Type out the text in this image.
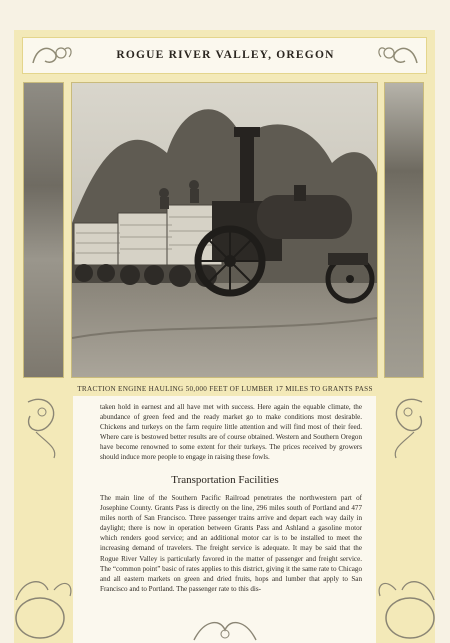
ROGUE RIVER VALLEY, OREGON
TRACTION ENGINE HAULING 50,000 FEET OF LUMBER 17 MILES TO GRANTS PASS
taken hold in earnest and all have met with success. Here again the equable climate, the abundance of green feed and the ready market go to make conditions most desirable. Chickens and turkeys on the farm require little attention and will find most of their feed. Where care is bestowed better results are of course obtained. Western and Southern Oregon have become renowned to some extent for their turkeys. The prices received by growers should induce more people to engage in raising these fowls.
Transportation Facilities
The main line of the Southern Pacific Railroad penetrates the northwestern part of Josephine County. Grants Pass is directly on the line, 296 miles south of Portland and 477 miles north of San Francisco. Three passenger trains arrive and depart each way daily in daylight; there is now in operation between Grants Pass and Ashland a gasoline motor which renders good service; and an additional motor car is to be installed to meet the increasing demand of travelers. The freight service is adequate. It may be said that the Rogue River Valley is particularly favored in the matter of passenger and freight service. The “common point” basic of rates applies to this district, giving it the same rate to Chicago and all eastern markets on green and dried fruits, hops and lumber that apply to San Francisco and to Portland. The passenger rate to this dis-
